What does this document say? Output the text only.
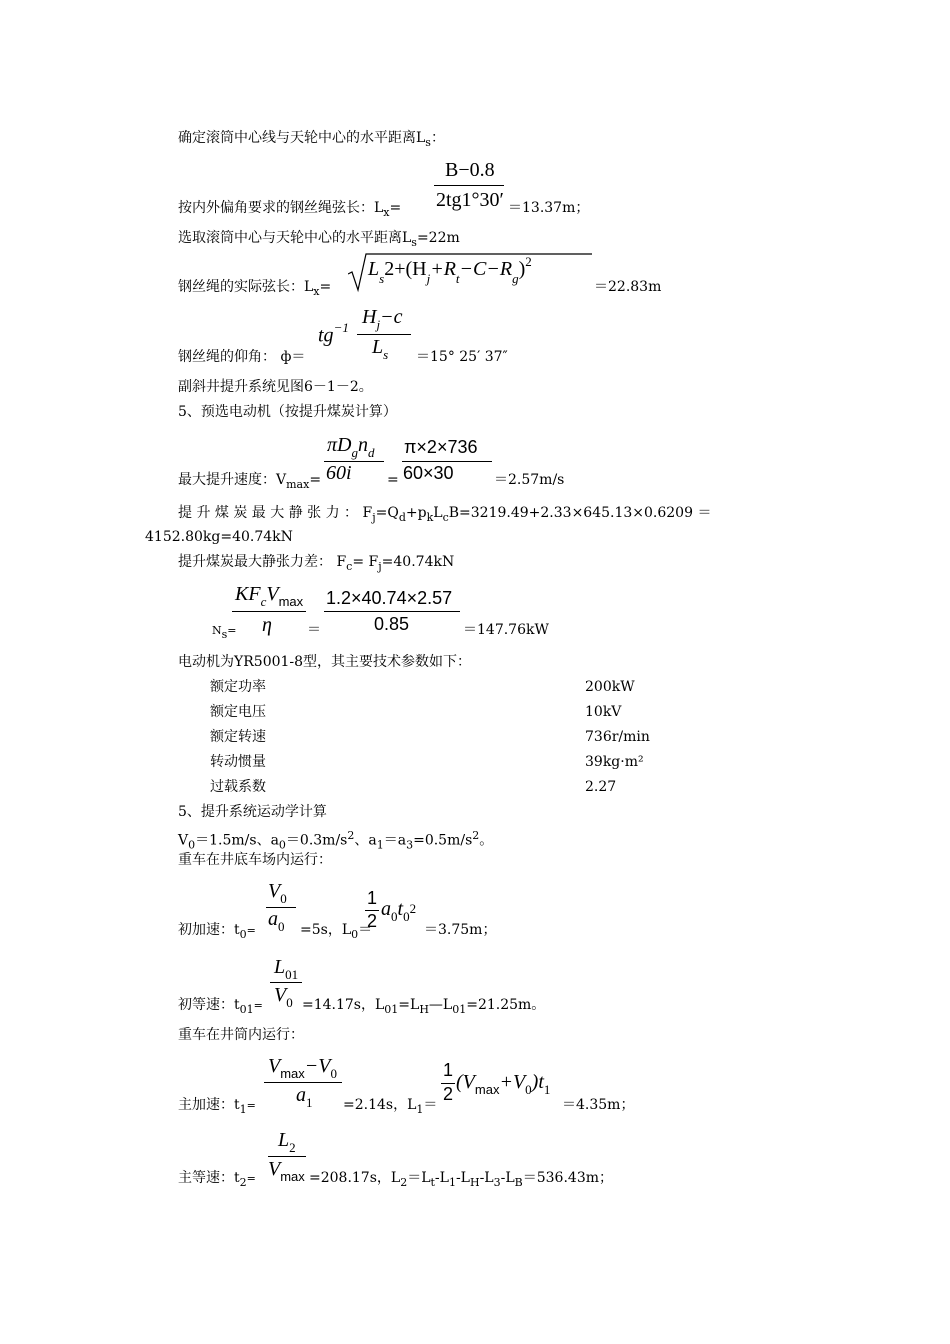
确定滚筒中心线与天轮中心的水平距离$L_s$：
B−0.8
2tg1°30′
按内外偏角要求的钢丝绳弦长：$L_x=$	＝13.37m；
选取滚筒中心与天轮中心的水平距离$L_s=22m$
$L_s2+(H_j+R_t-C-R_g)^2$
钢丝绳的实际弦长：$L_x=$	＝22.83m
$tg^{-1}$ $H_j-c$
$L_s$
钢丝绳的仰角： ф＝	＝15° 25′ 37″
副斜井提升系统见图6－1－2。
5、预选电动机（按提升煤炭计算）
$\pi D_gn_d$
60i
π×2×736
60×30
最大提升速度：$V_{max}=$	=	＝2.57m/s
提 升 煤 炭 最 大 静 张 力 ： $F_j=Q_d+p_kL_cB=3219.49+2.33\times 645.13\times 0.6209$ ＝
4152.80kg=40.74kN
提升煤炭最大静张力差： $F_c= F_j=40.74kN$
$KF_cV_{max}$
η
1.2×40.74×2.57
0.85
$N_s=$	＝	＝147.76kW
电动机为YR5001-8型，其主要技术参数如下：
额定功率	200kW
额定电压	10kV
额定转速	736r/min
转动惯量	39kg·m²
过载系数	2.27
5、提升系统运动学计算
$V_0=1.5m/s$、$a_0=0.3m/s^2$、$a_1=a_3=0.5m/s^2$。
重车在井底车场内运行：
$V_0$
$a_0$
1
2
$a_0t_02$
初加速：$t_0=$	=5s，$L_0=$	＝3.75m；
$L_{01}$
$V_0$
初等速：$t_{01}=$	=14.17s，$L_{01}=L_H—L_{01}=21.25m$。
重车在井筒内运行：
$V_{max}-V_0$
$a_1$
1
2
$(V_{max}+V_0)t_1$
主加速：$t_1=$	=2.14s，$L_1=$	＝4.35m；
$L_2$
$V_{max}$
主等速：$t_2=$	=208.17s，$L_2=L_t-L_1-L_H-L_3-L_B=536.43m$；
